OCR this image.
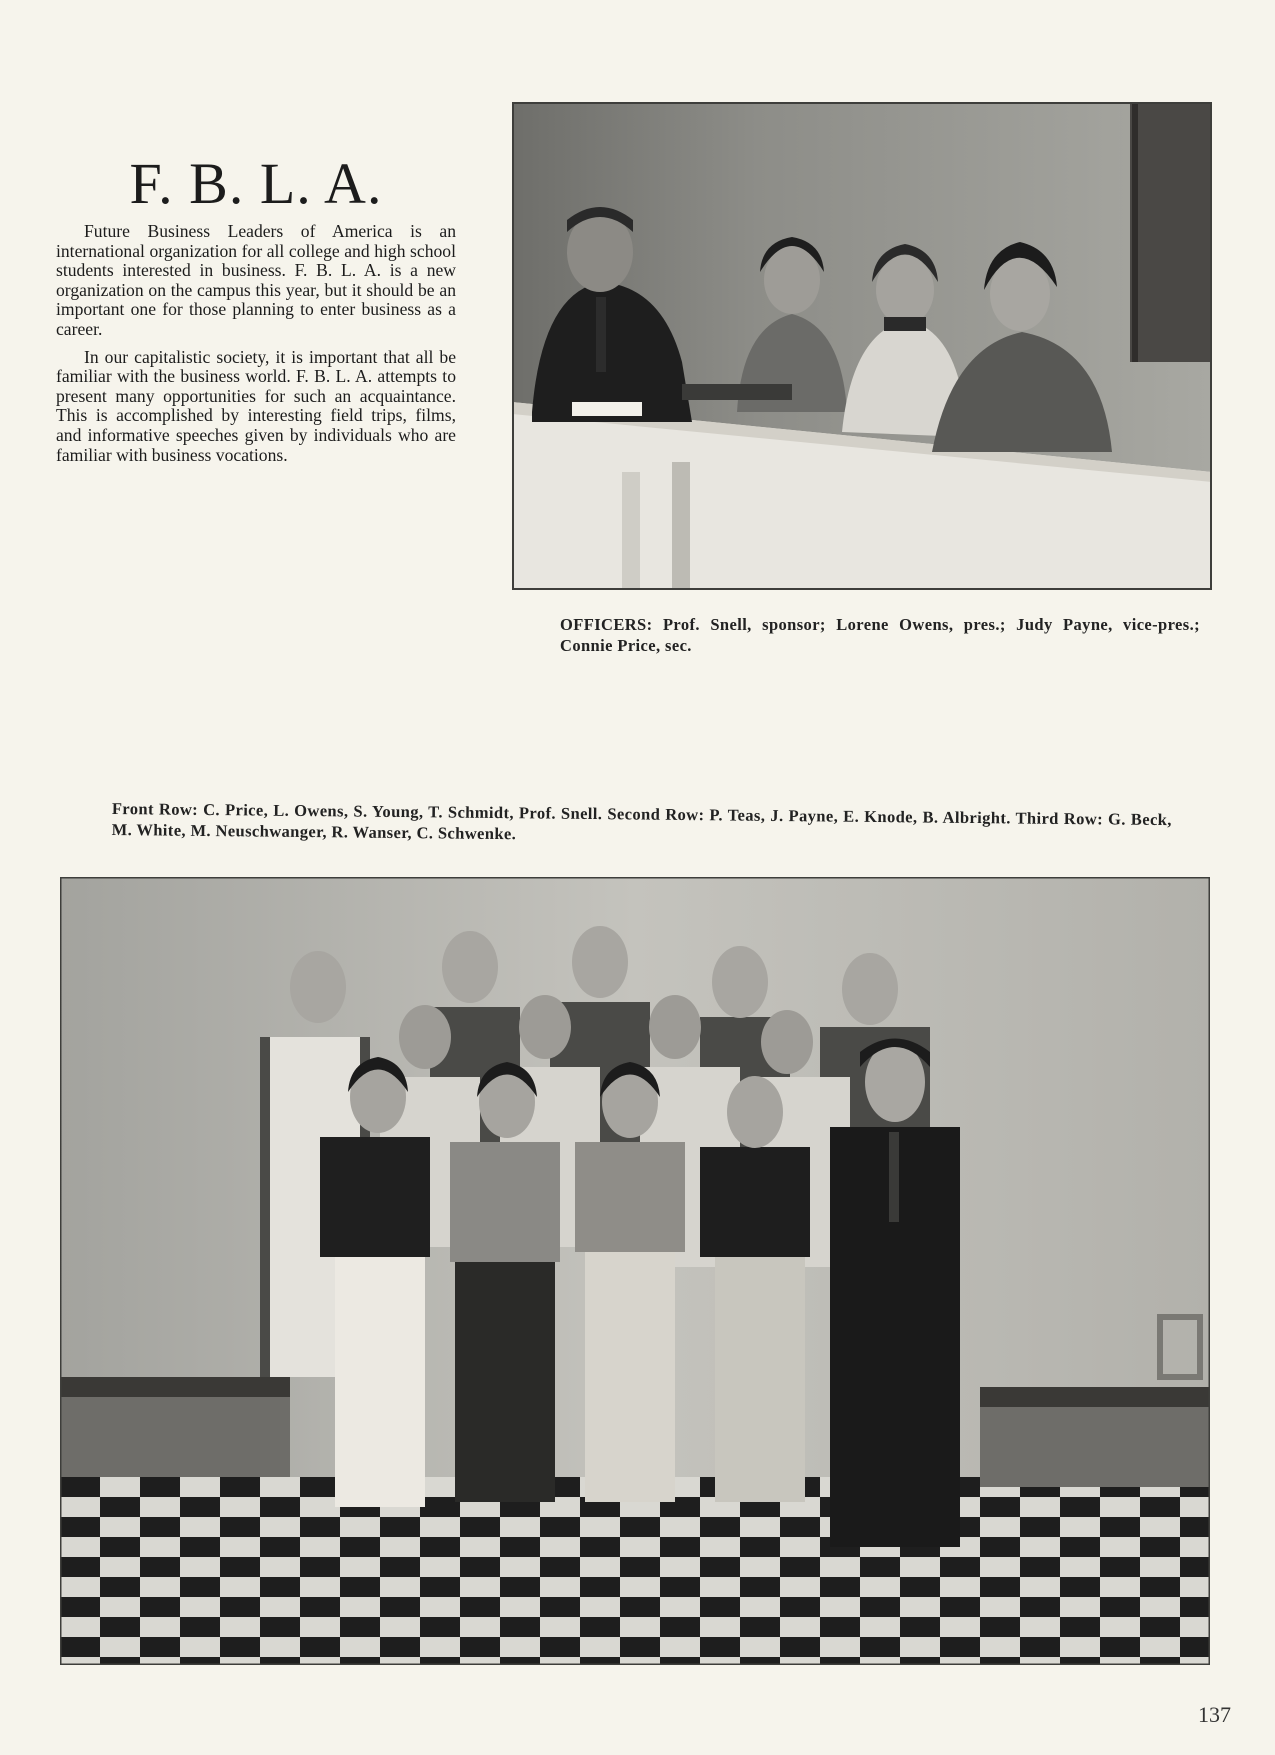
F. B. L. A.

Future Business Leaders of America is an international organization for all college and high school students interested in business. F. B. L. A. is a new organization on the campus this year, but it should be an important one for those planning to enter business as a career.

In our capitalistic society, it is important that all be familiar with the business world. F. B. L. A. attempts to present many opportunities for such an acquaintance. This is accomplished by interesting field trips, films, and informative speeches given by individuals who are familiar with business vocations.

OFFICERS: Prof. Snell, sponsor; Lorene Owens, pres.; Judy Payne, vice-pres.; Connie Price, sec.
Front Row: C. Price, L. Owens, S. Young, T. Schmidt, Prof. Snell. Second Row: P. Teas, J. Payne, E. Knode, B. Albright. Third Row: G. Beck, M. White, M. Neuschwanger, R. Wanser, C. Schwenke.
137
